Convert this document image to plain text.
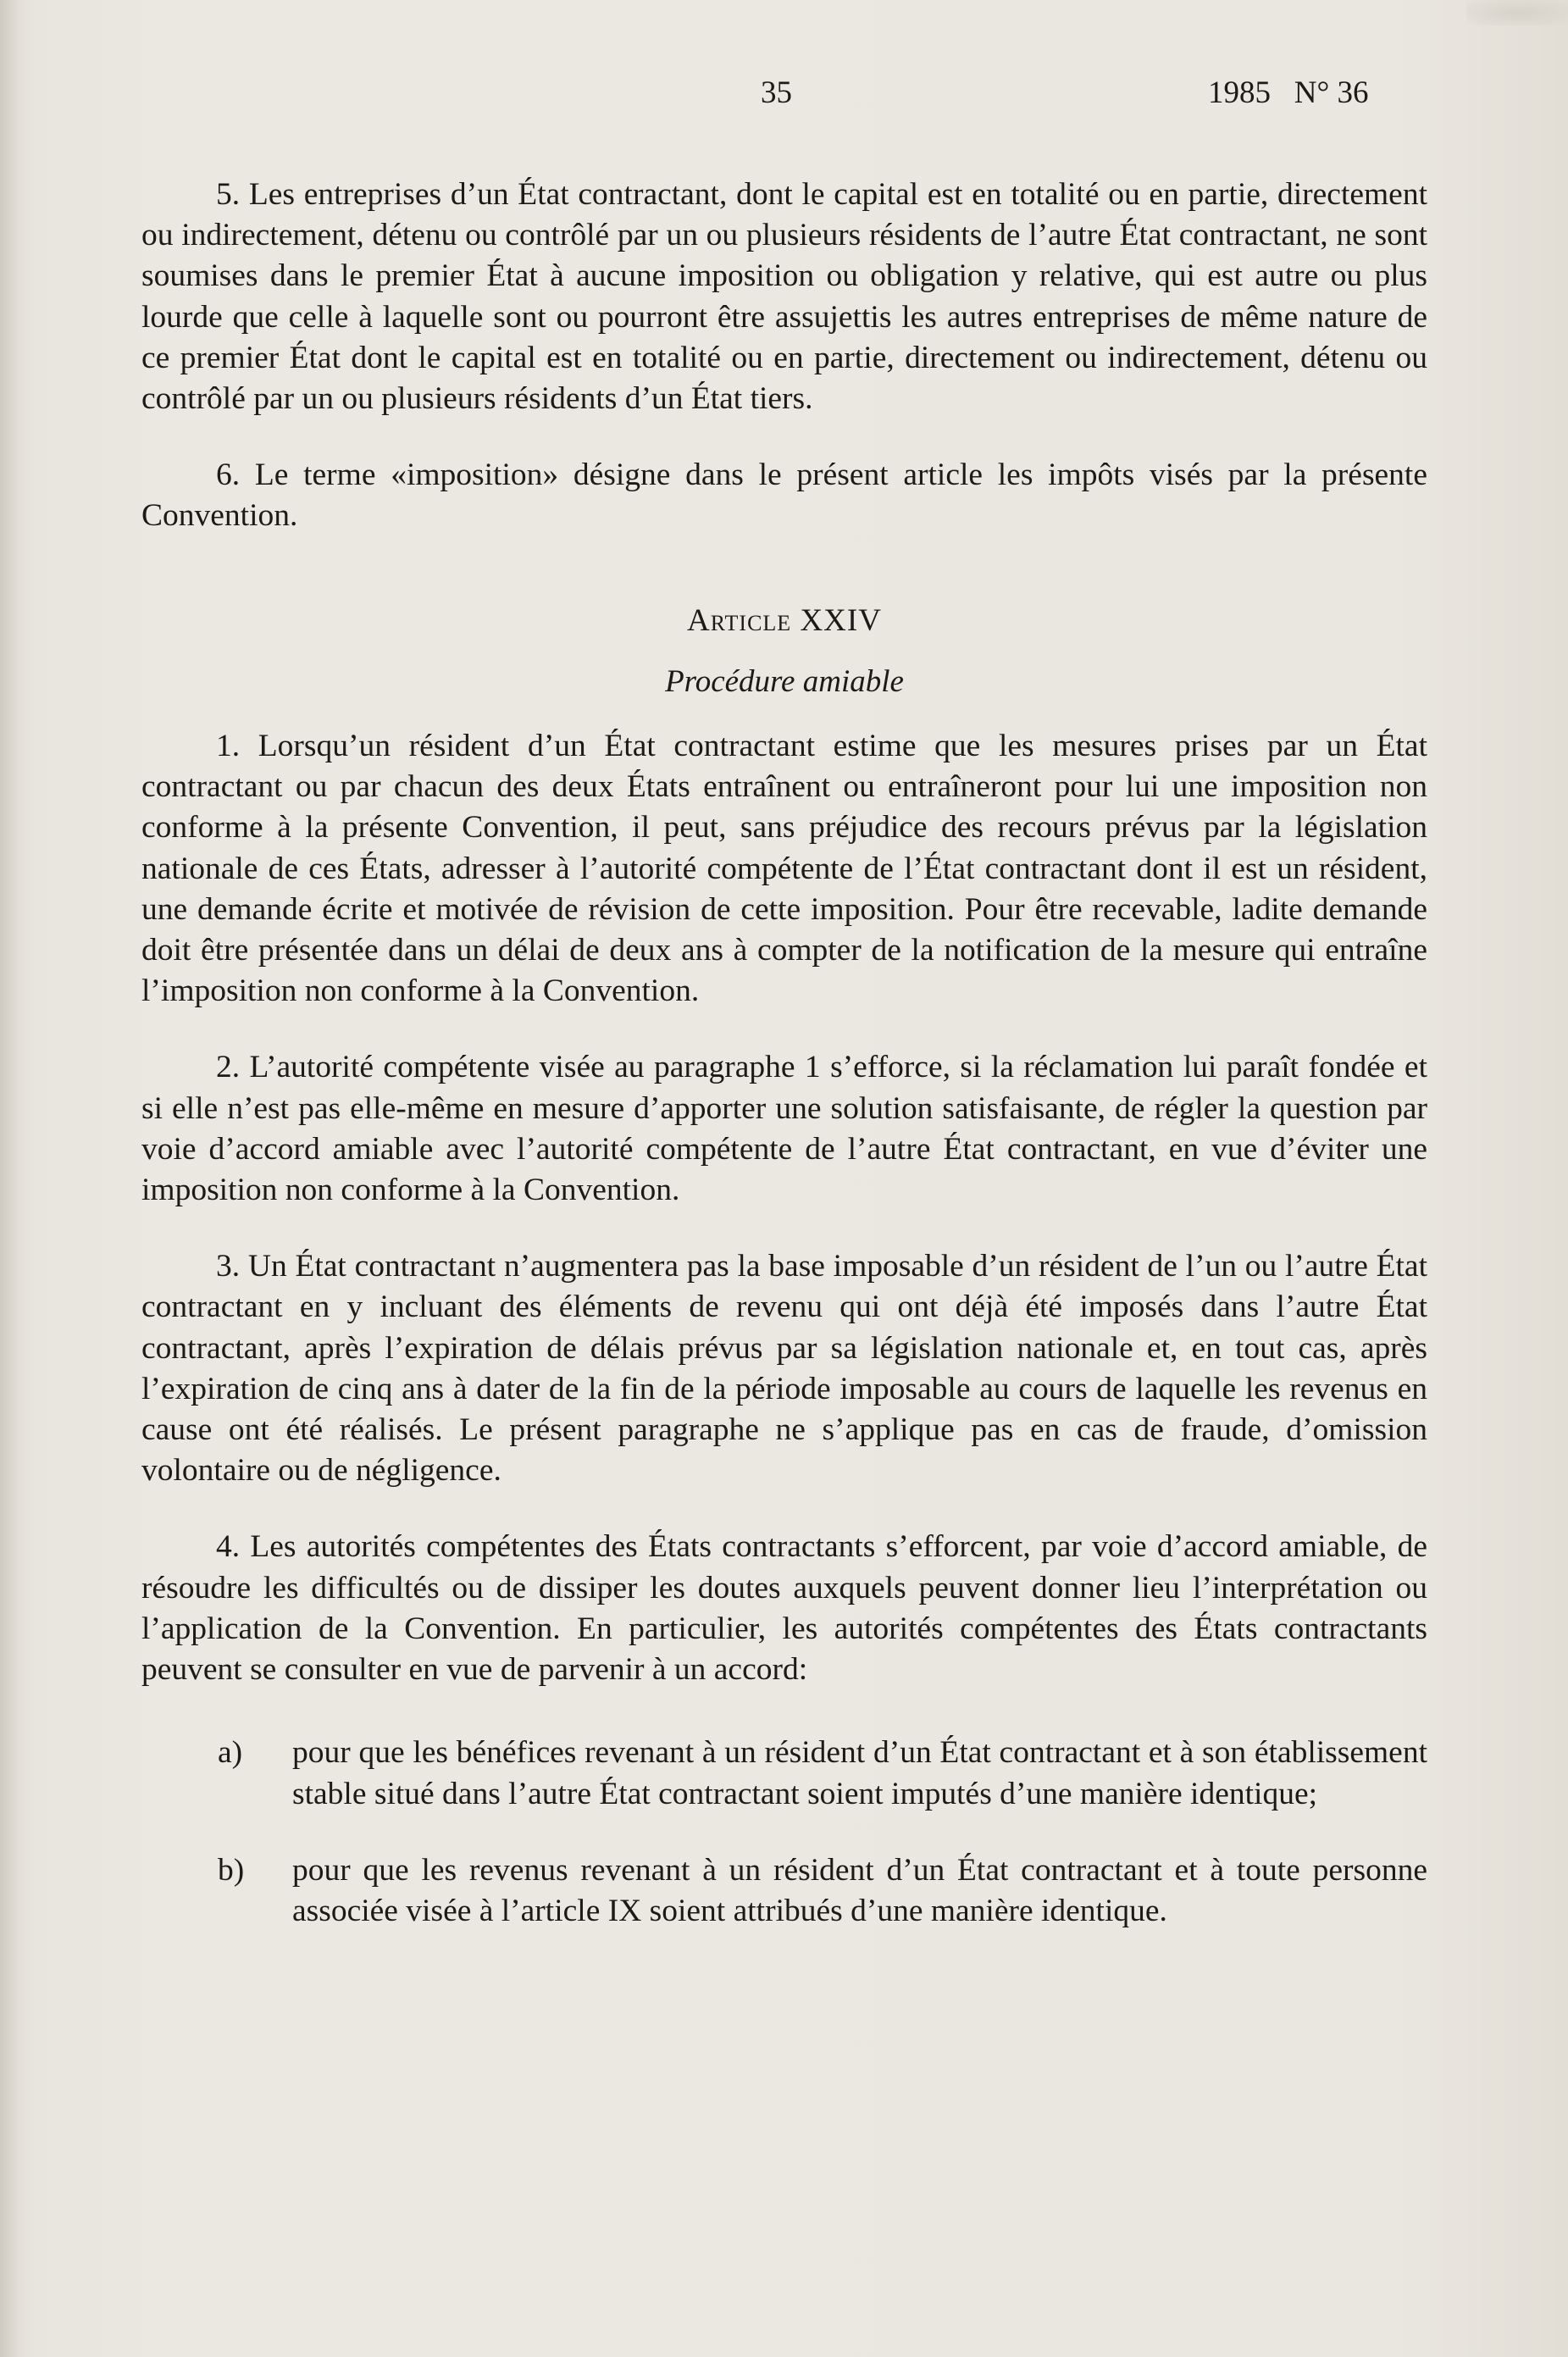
35	1985   N° 36

5. Les entreprises d’un État contractant, dont le capital est en totalité ou en partie, directement ou indirectement, détenu ou contrôlé par un ou plusieurs résidents de l’autre État contractant, ne sont soumises dans le premier État à aucune imposition ou obligation y relative, qui est autre ou plus lourde que celle à laquelle sont ou pourront être assujettis les autres entreprises de même nature de ce premier État dont le capital est en totalité ou en partie, directement ou indirectement, détenu ou contrôlé par un ou plusieurs résidents d’un État tiers.

6. Le terme «imposition» désigne dans le présent article les impôts visés par la présente Convention.

Article XXIV
Procédure amiable

1. Lorsqu’un résident d’un État contractant estime que les mesures prises par un État contractant ou par chacun des deux États entraînent ou entraîneront pour lui une imposition non conforme à la présente Convention, il peut, sans préjudice des recours prévus par la législation nationale de ces États, adresser à l’autorité compétente de l’État contractant dont il est un résident, une demande écrite et motivée de révision de cette imposition. Pour être recevable, ladite demande doit être présentée dans un délai de deux ans à compter de la notification de la mesure qui entraîne l’imposition non conforme à la Convention.

2. L’autorité compétente visée au paragraphe 1 s’efforce, si la réclamation lui paraît fondée et si elle n’est pas elle-même en mesure d’apporter une solution satisfaisante, de régler la question par voie d’accord amiable avec l’autorité compétente de l’autre État contractant, en vue d’éviter une imposition non conforme à la Convention.

3. Un État contractant n’augmentera pas la base imposable d’un résident de l’un ou l’autre État contractant en y incluant des éléments de revenu qui ont déjà été imposés dans l’autre État contractant, après l’expiration de délais prévus par sa législation nationale et, en tout cas, après l’expiration de cinq ans à dater de la fin de la période imposable au cours de laquelle les revenus en cause ont été réalisés. Le présent paragraphe ne s’applique pas en cas de fraude, d’omission volontaire ou de négligence.

4. Les autorités compétentes des États contractants s’efforcent, par voie d’accord amiable, de résoudre les difficultés ou de dissiper les doutes auxquels peuvent donner lieu l’interprétation ou l’application de la Convention. En particulier, les autorités compétentes des États contractants peuvent se consulter en vue de parvenir à un accord:

a)	pour que les bénéfices revenant à un résident d’un État contractant et à son établissement stable situé dans l’autre État contractant soient imputés d’une manière identique;
b)	pour que les revenus revenant à un résident d’un État contractant et à toute personne associée visée à l’article IX soient attribués d’une manière identique.
